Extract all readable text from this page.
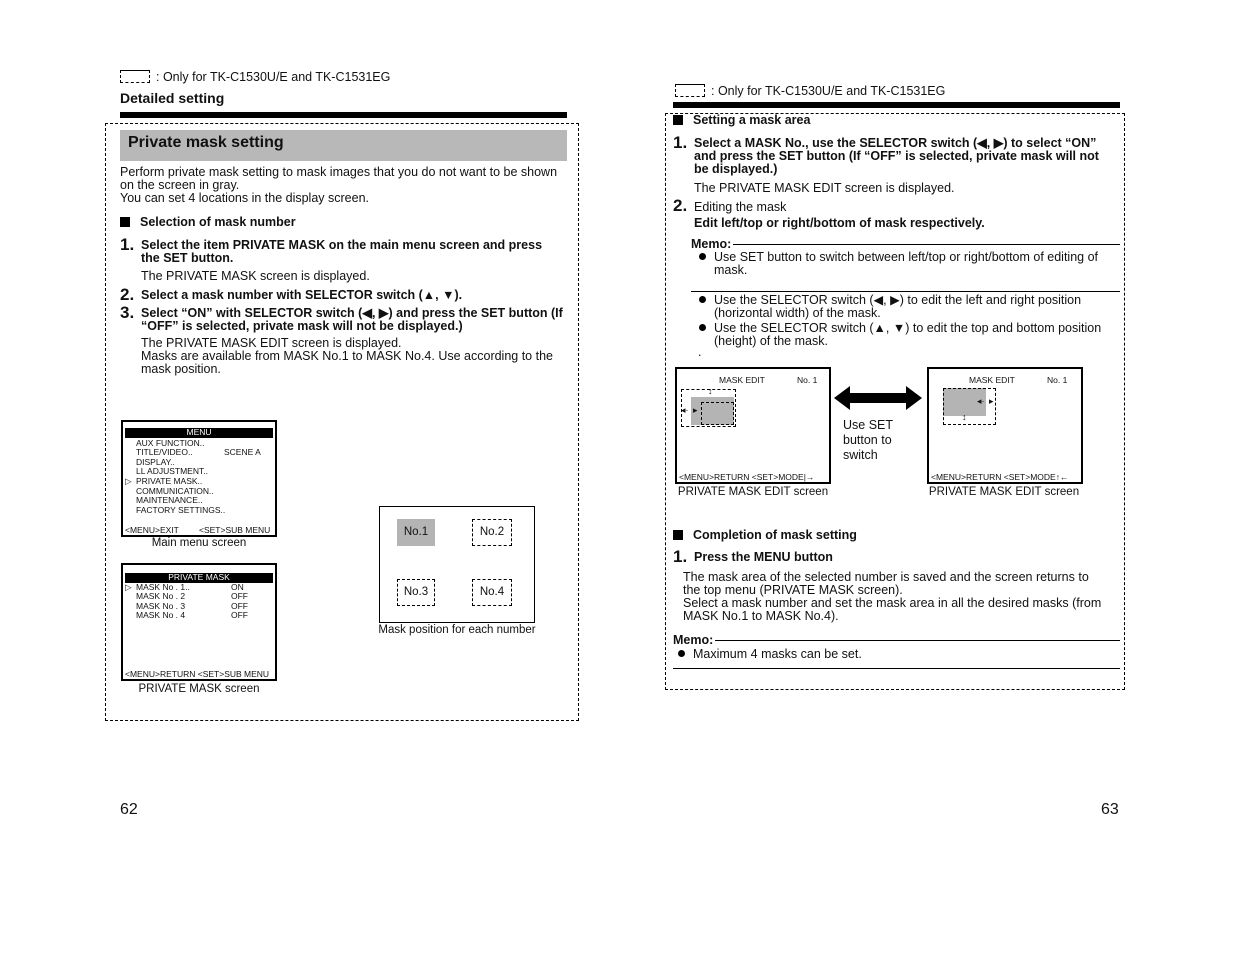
: Only for TK-C1530U/E and TK-C1531EG
Detailed setting
Private mask setting
Perform private mask setting to mask images that you do not want to be shown
on the screen in gray.
You can set 4 locations in the display screen.
Selection of mask number
1. Select the item PRIVATE MASK on the main menu screen and press
the SET button.
The PRIVATE MASK screen is displayed.
2. Select a mask number with SELECTOR switch (▲, ▼).
3. Select “ON” with SELECTOR switch (◀, ▶) and press the SET button (If
“OFF” is selected, private mask will not be displayed.)
The PRIVATE MASK EDIT screen is displayed.
Masks are available from MASK No.1 to MASK No.4. Use according to the
mask position.
MENU
AUX FUNCTION..
TITLE/VIDEO..	SCENE A
DISPLAY..
LL ADJUSTMENT..
▷ PRIVATE MASK..
COMMUNICATION..
MAINTENANCE..
FACTORY SETTINGS..
<MENU>EXIT <SET>SUB MENU
Main menu screen
PRIVATE MASK
▷ MASK No . 1..	ON
MASK No . 2	OFF
MASK No . 3	OFF
MASK No . 4	OFF
<MENU>RETURN <SET>SUB MENU
PRIVATE MASK screen
No.1	No.2
No.3	No.4
Mask position for each number
62
: Only for TK-C1530U/E and TK-C1531EG
Setting a mask area
1. Select a MASK No., use the SELECTOR switch (◀, ▶) to select “ON”
and press the SET button (If “OFF” is selected, private mask will not
be displayed.)
The PRIVATE MASK EDIT screen is displayed.
2. Editing the mask
Edit left/top or right/bottom of mask respectively.
Memo:
Use SET button to switch between left/top or right/bottom of editing of
mask.
Use the SELECTOR switch (◀, ▶) to edit the left and right position
(horizontal width) of the mask.
Use the SELECTOR switch (▲, ▼) to edit the top and bottom position
(height) of the mask.
.
MASK EDIT	No. 1
◂· ▸
↕
<MENU>RETURN <SET>MODE|→
PRIVATE MASK EDIT screen
Use SET
button to
switch
MASK EDIT	No. 1
◂· ▸
↕
<MENU>RETURN <SET>MODE↑←
PRIVATE MASK EDIT screen
Completion of mask setting
1. Press the MENU button
The mask area of the selected number is saved and the screen returns to
the top menu (PRIVATE MASK screen).
Select a mask number and set the mask area in all the desired masks (from
MASK No.1 to MASK No.4).
Memo:
Maximum 4 masks can be set.
63
